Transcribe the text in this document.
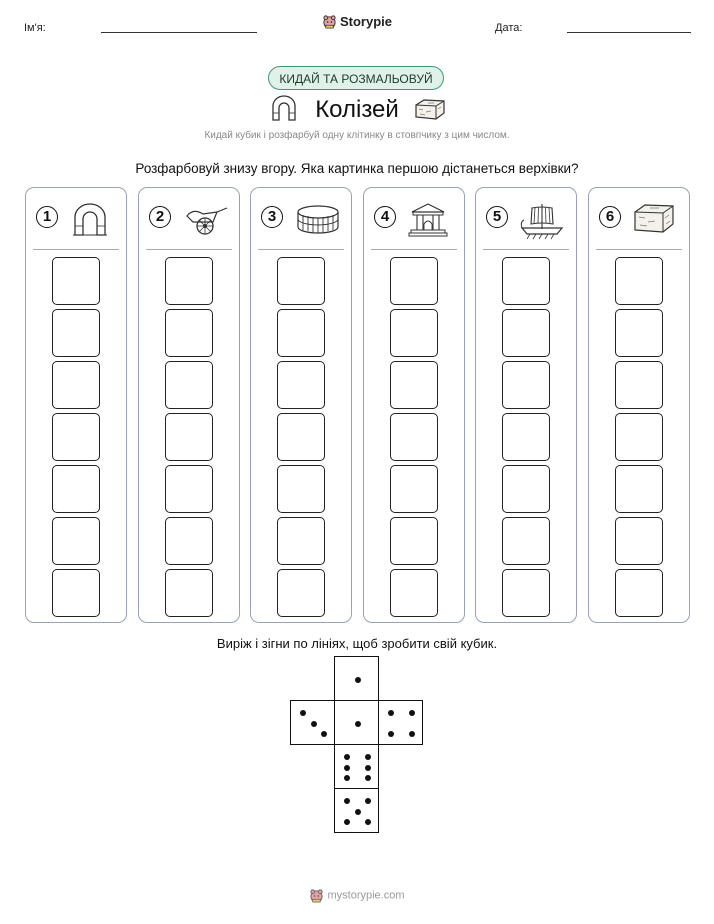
Ім'я:	Storypie	Дата:
КИДАЙ ТА РОЗМАЛЬОВУЙ
Колізей
Кидай кубик і розфарбуй одну клітинку в стовпчику з цим числом.
Розфарбовуй знизу вгору. Яка картинка першою дістанеться верхівки?
1	2	3	4	5	6
Виріж і зігни по лініях, щоб зробити свій кубик.
mystorypie.com
